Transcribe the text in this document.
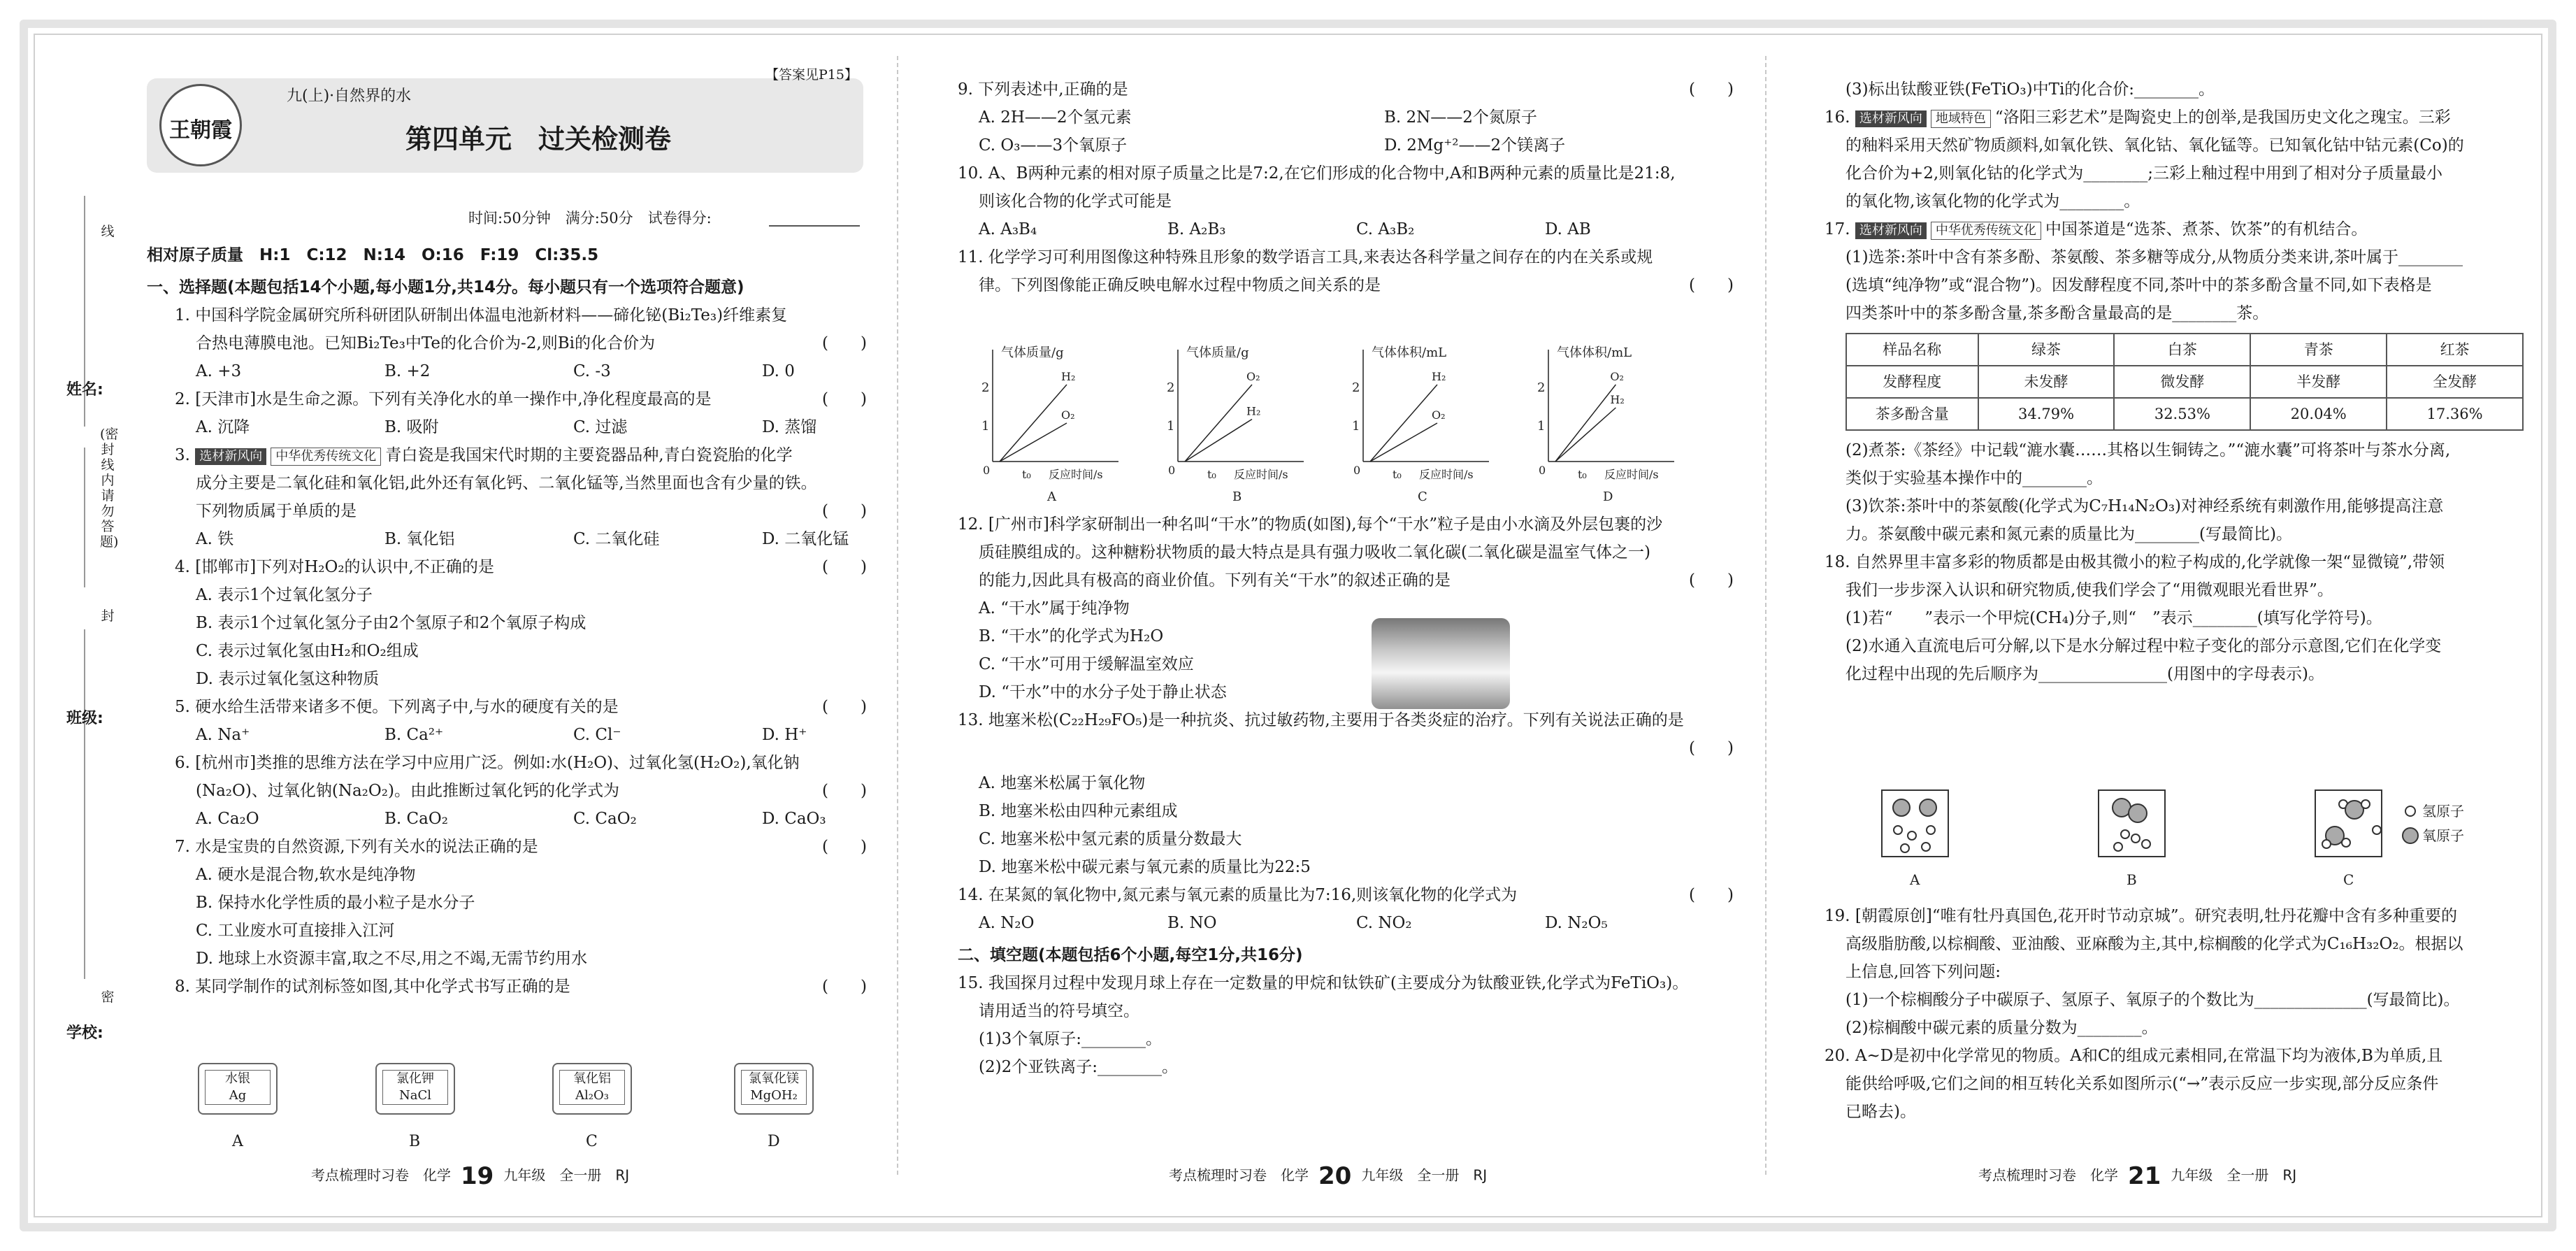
姓名:
班级:
学校:
线
(密封线内请勿答题)
封
密
王朝霞
九(上)·自然界的水
【答案见P15】
第四单元　过关检测卷
时间:50分钟　满分:50分　试卷得分:

相对原子质量　H:1　C:12　N:14　O:16　F:19　Cl:35.5

一、选择题(本题包括14个小题,每小题1分,共14分。每小题只有一个选项符合题意)

1. 中国科学院金属研究所科研团队研制出体温电池新材料——碲化铋(Bi₂Te₃)纤维素复

合热电薄膜电池。已知Bi₂Te₃中Te的化合价为-2,则Bi的化合价为	(　　)

A. +3	B. +2	C. -3	D. 0

2. [天津市]水是生命之源。下列有关净化水的单一操作中,净化程度最高的是	(　　)

A. 沉降	B. 吸附	C. 过滤	D. 蒸馏

3. 选材新风向 中华优秀传统文化 青白瓷是我国宋代时期的主要瓷器品种,青白瓷瓷胎的化学

成分主要是二氧化硅和氧化铝,此外还有氧化钙、二氧化锰等,当然里面也含有少量的铁。

下列物质属于单质的是	(　　)

A. 铁	B. 氧化铝	C. 二氧化硅	D. 二氧化锰

4. [邯郸市]下列对H₂O₂的认识中,不正确的是	(　　)

A. 表示1个过氧化氢分子

B. 表示1个过氧化氢分子由2个氢原子和2个氧原子构成

C. 表示过氧化氢由H₂和O₂组成

D. 表示过氧化氢这种物质

5. 硬水给生活带来诸多不便。下列离子中,与水的硬度有关的是	(　　)

A. Na⁺	B. Ca²⁺	C. Cl⁻	D. H⁺

6. [杭州市]类推的思维方法在学习中应用广泛。例如:水(H₂O)、过氧化氢(H₂O₂),氧化钠

(Na₂O)、过氧化钠(Na₂O₂)。由此推断过氧化钙的化学式为	(　　)

A. Ca₂O	B. CaO₂	C. CaO₂	D. CaO₃

7. 水是宝贵的自然资源,下列有关水的说法正确的是	(　　)

A. 硬水是混合物,软水是纯净物

B. 保持水化学性质的最小粒子是水分子

C. 工业废水可直接排入江河

D. 地球上水资源丰富,取之不尽,用之不竭,无需节约用水

8. 某同学制作的试剂标签如图,其中化学式书写正确的是	(　　)

水银
Ag
氯化钾
NaCl
氧化铝
Al₂O₃
氯氧化镁
MgOH₂
A	B	C	D
考点梳理时习卷　化学 19 九年级　全一册　RJ

9. 下列表述中,正确的是	(　　)

A. 2H——2个氢元素	B. 2N——2个氮原子
C. O₃——3个氧原子	D. 2Mg⁺²——2个镁离子

10. A、B两种元素的相对原子质量之比是7:2,在它们形成的化合物中,A和B两种元素的质量比是21:8,

则该化合物的化学式可能是

A. A₃B₄	B. A₂B₃	C. A₃B₂	D. AB

11. 化学学习可利用图像这种特殊且形象的数学语言工具,来表达各科学量之间存在的内在关系或规

律。下列图像能正确反映电解水过程中物质之间关系的是	(　　)

气体质量/g
反应时间/s
t₀
2
1
0
H₂
O₂
A
气体质量/g
反应时间/s
t₀
2
1
0
O₂
H₂
B
气体体积/mL
反应时间/s
t₀
2
1
0
H₂
O₂
C
气体体积/mL
反应时间/s
t₀
2
1
0
O₂
H₂
D

12. [广州市]科学家研制出一种名叫“干水”的物质(如图),每个“干水”粒子是由小水滴及外层包裹的沙

质硅膜组成的。这种糖粉状物质的最大特点是具有强力吸收二氧化碳(二氧化碳是温室气体之一)

的能力,因此具有极高的商业价值。下列有关“干水”的叙述正确的是	(　　)

A. “干水”属于纯净物

B. “干水”的化学式为H₂O

C. “干水”可用于缓解温室效应

D. “干水”中的水分子处于静止状态

13. 地塞米松(C₂₂H₂₉FO₅)是一种抗炎、抗过敏药物,主要用于各类炎症的治疗。下列有关说法正确的是

(　　)

A. 地塞米松属于氧化物

B. 地塞米松由四种元素组成

C. 地塞米松中氢元素的质量分数最大

D. 地塞米松中碳元素与氧元素的质量比为22:5

14. 在某氮的氧化物中,氮元素与氧元素的质量比为7:16,则该氧化物的化学式为	(　　)

A. N₂O	B. NO	C. NO₂	D. N₂O₅

二、填空题(本题包括6个小题,每空1分,共16分)

15. 我国探月过程中发现月球上存在一定数量的甲烷和钛铁矿(主要成分为钛酸亚铁,化学式为FeTiO₃)。

请用适当的符号填空。

(1)3个氧原子:________。

(2)2个亚铁离子:________。

考点梳理时习卷　化学 20 九年级　全一册　RJ

(3)标出钛酸亚铁(FeTiO₃)中Ti的化合价:________。

16. 选材新风向 地域特色 “洛阳三彩艺术”是陶瓷史上的创举,是我国历史文化之瑰宝。三彩

的釉料采用天然矿物质颜料,如氧化铁、氧化钴、氧化锰等。已知氧化钴中钴元素(Co)的

化合价为+2,则氧化钴的化学式为________;三彩上釉过程中用到了相对分子质量最小

的氧化物,该氧化物的化学式为________。

17. 选材新风向 中华优秀传统文化 中国茶道是“选茶、煮茶、饮茶”的有机结合。

(1)选茶:茶叶中含有茶多酚、茶氨酸、茶多糖等成分,从物质分类来讲,茶叶属于________

(选填“纯净物”或“混合物”)。因发酵程度不同,茶叶中的茶多酚含量不同,如下表格是

四类茶叶中的茶多酚含量,茶多酚含量最高的是________茶。

样品名称	绿茶	白茶	青茶	红茶
发酵程度	未发酵	微发酵	半发酵	全发酵
茶多酚含量	34.79%	32.53%	20.04%	17.36%

(2)煮茶:《茶经》中记载“漉水囊……其格以生铜铸之。”“漉水囊”可将茶叶与茶水分离,

类似于实验基本操作中的________。

(3)饮茶:茶叶中的茶氨酸(化学式为C₇H₁₄N₂O₃)对神经系统有刺激作用,能够提高注意

力。茶氨酸中碳元素和氮元素的质量比为________(写最简比)。

18. 自然界里丰富多彩的物质都是由极其微小的粒子构成的,化学就像一架“显微镜”,带领

我们一步步深入认识和研究物质,使我们学会了“用微观眼光看世界”。

(1)若“　　”表示一个甲烷(CH₄)分子,则“　”表示________(填写化学符号)。

(2)水通入直流电后可分解,以下是水分解过程中粒子变化的部分示意图,它们在化学变

化过程中出现的先后顺序为________________(用图中的字母表示)。

A	B	C
氢原子
氧原子

19. [朝霞原创]“唯有牡丹真国色,花开时节动京城”。研究表明,牡丹花瓣中含有多种重要的

高级脂肪酸,以棕榈酸、亚油酸、亚麻酸为主,其中,棕榈酸的化学式为C₁₆H₃₂O₂。根据以

上信息,回答下列问题:

(1)一个棕榈酸分子中碳原子、氢原子、氧原子的个数比为______________(写最简比)。

(2)棕榈酸中碳元素的质量分数为________。

20. A~D是初中化学常见的物质。A和C的组成元素相同,在常温下均为液体,B为单质,且

能供给呼吸,它们之间的相互转化关系如图所示(“→”表示反应一步实现,部分反应条件

已略去)。

考点梳理时习卷　化学 21 九年级　全一册　RJ
